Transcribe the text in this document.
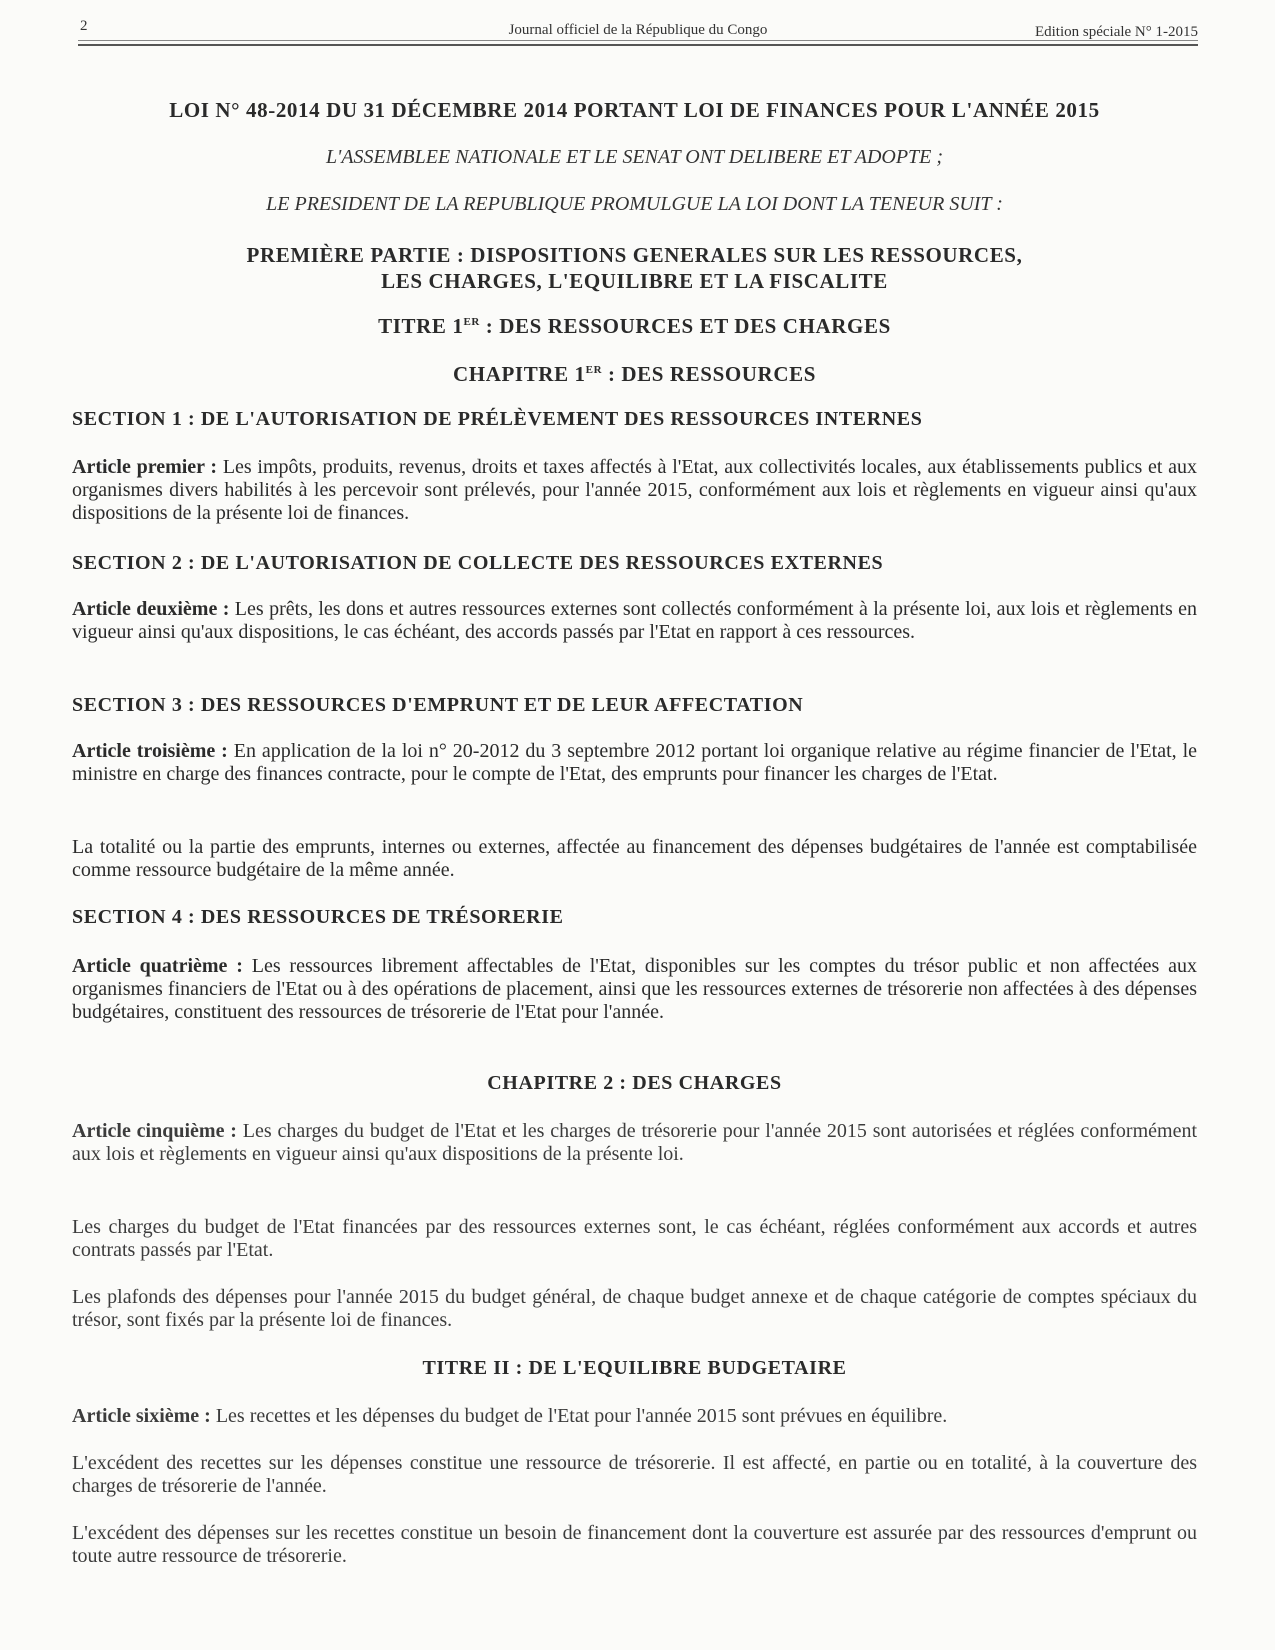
2	Journal officiel de la République du Congo	Edition spéciale N° 1-2015
LOI N° 48-2014 DU 31 DÉCEMBRE 2014 PORTANT LOI DE FINANCES POUR L'ANNÉE 2015
L'ASSEMBLEE NATIONALE ET LE SENAT ONT DELIBERE ET ADOPTE ;
LE PRESIDENT DE LA REPUBLIQUE PROMULGUE LA LOI DONT LA TENEUR SUIT :
PREMIÈRE PARTIE : DISPOSITIONS GENERALES SUR LES RESSOURCES,
LES CHARGES, L'EQUILIBRE ET LA FISCALITE
TITRE 1ER : DES RESSOURCES ET DES CHARGES
CHAPITRE 1ER : DES RESSOURCES
SECTION 1 : DE L'AUTORISATION DE PRÉLÈVEMENT DES RESSOURCES INTERNES
Article premier : Les impôts, produits, revenus, droits et taxes affectés à l'Etat, aux collectivités locales, aux établissements publics et aux organismes divers habilités à les percevoir sont prélevés, pour l'année 2015, conformément aux lois et règlements en vigueur ainsi qu'aux dispositions de la présente loi de finances.
SECTION 2 : DE L'AUTORISATION DE COLLECTE DES RESSOURCES EXTERNES
Article deuxième : Les prêts, les dons et autres ressources externes sont collectés conformément à la présente loi, aux lois et règlements en vigueur ainsi qu'aux dispositions, le cas échéant, des accords passés par l'Etat en rapport à ces ressources.
SECTION 3 : DES RESSOURCES D'EMPRUNT ET DE LEUR AFFECTATION
Article troisième : En application de la loi n° 20-2012 du 3 septembre 2012 portant loi organique relative au régime financier de l'Etat, le ministre en charge des finances contracte, pour le compte de l'Etat, des emprunts pour financer les charges de l'Etat.
La totalité ou la partie des emprunts, internes ou externes, affectée au financement des dépenses budgétaires de l'année est comptabilisée comme ressource budgétaire de la même année.
SECTION 4 : DES RESSOURCES DE TRÉSORERIE
Article quatrième : Les ressources librement affectables de l'Etat, disponibles sur les comptes du trésor public et non affectées aux organismes financiers de l'Etat ou à des opérations de placement, ainsi que les ressources externes de trésorerie non affectées à des dépenses budgétaires, constituent des ressources de trésorerie de l'Etat pour l'année.
CHAPITRE 2 : DES CHARGES
Article cinquième : Les charges du budget de l'Etat et les charges de trésorerie pour l'année 2015 sont autorisées et réglées conformément aux lois et règlements en vigueur ainsi qu'aux dispositions de la présente loi.
Les charges du budget de l'Etat financées par des ressources externes sont, le cas échéant, réglées conformément aux accords et autres contrats passés par l'Etat.
Les plafonds des dépenses pour l'année 2015 du budget général, de chaque budget annexe et de chaque catégorie de comptes spéciaux du trésor, sont fixés par la présente loi de finances.
TITRE II : DE L'EQUILIBRE BUDGETAIRE
Article sixième : Les recettes et les dépenses du budget de l'Etat pour l'année 2015 sont prévues en équilibre.
L'excédent des recettes sur les dépenses constitue une ressource de trésorerie. Il est affecté, en partie ou en totalité, à la couverture des charges de trésorerie de l'année.
L'excédent des dépenses sur les recettes constitue un besoin de financement dont la couverture est assurée par des ressources d'emprunt ou toute autre ressource de trésorerie.
